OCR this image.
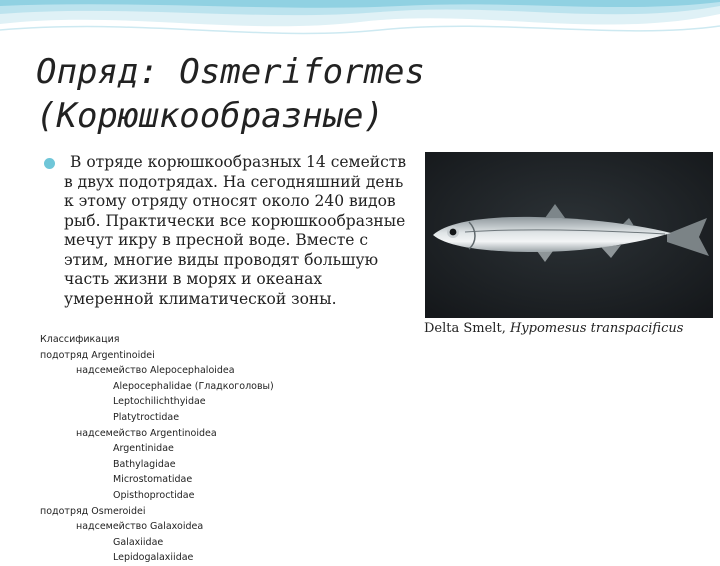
Опряд: Osmeriformes
(Корюшкообразные)
В отряде корюшкообразных 14 семейств в двух подотрядах. На сегодняшний день к этому отряду относят около 240 видов рыб. Практически все корюшкообразные мечут икру в пресной воде. Вместе с этим, многие виды проводят большую часть жизни в морях и океанах умеренной климатической зоны.
Классификация
подотряд Argentinoidei
надсемейство Alepocephaloidea
Alepocephalidae (Гладкоголовы)
Leptochilichthyidae
Platytroctidae
надсемейство Argentinoidea
Argentinidae
Bathylagidae
Microstomatidae
Opisthoproctidae
подотряд Osmeroidei
надсемейство Galaxoidea
Galaxiidae
Lepidogalaxiidae
Delta Smelt, Hypomesus transpacificus
